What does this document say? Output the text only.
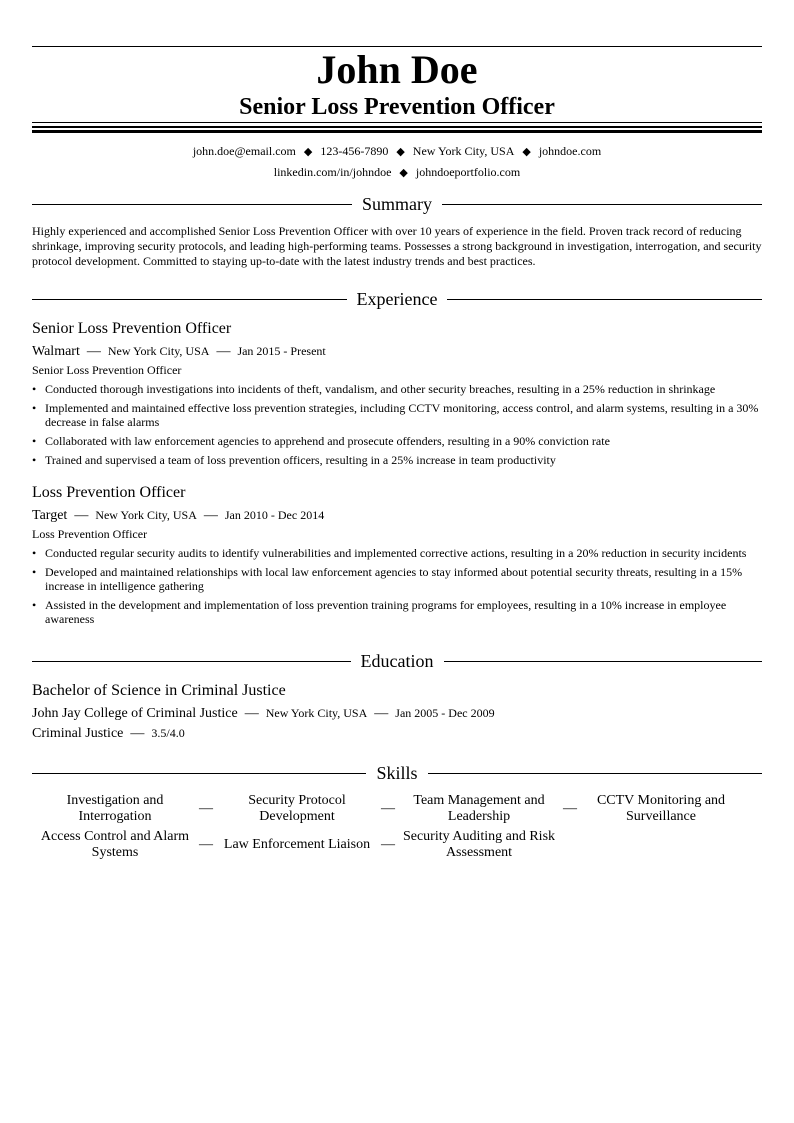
John Doe
Senior Loss Prevention Officer
john.doe@email.com ◆ 123-456-7890 ◆ New York City, USA ◆ johndoe.com
linkedin.com/in/johndoe ◆ johndoeportfolio.com
Summary
Highly experienced and accomplished Senior Loss Prevention Officer with over 10 years of experience in the field. Proven track record of reducing shrinkage, improving security protocols, and leading high-performing teams. Possesses a strong background in investigation, interrogation, and security protocol development. Committed to staying up-to-date with the latest industry trends and best practices.
Experience
Senior Loss Prevention Officer
Walmart — New York City, USA — Jan 2015 - Present
Senior Loss Prevention Officer
• Conducted thorough investigations into incidents of theft, vandalism, and other security breaches, resulting in a 25% reduction in shrinkage
• Implemented and maintained effective loss prevention strategies, including CCTV monitoring, access control, and alarm systems, resulting in a 30% decrease in false alarms
• Collaborated with law enforcement agencies to apprehend and prosecute offenders, resulting in a 90% conviction rate
• Trained and supervised a team of loss prevention officers, resulting in a 25% increase in team productivity
Loss Prevention Officer
Target — New York City, USA — Jan 2010 - Dec 2014
Loss Prevention Officer
• Conducted regular security audits to identify vulnerabilities and implemented corrective actions, resulting in a 20% reduction in security incidents
• Developed and maintained relationships with local law enforcement agencies to stay informed about potential security threats, resulting in a 15% increase in intelligence gathering
• Assisted in the development and implementation of loss prevention training programs for employees, resulting in a 10% increase in employee awareness
Education
Bachelor of Science in Criminal Justice
John Jay College of Criminal Justice — New York City, USA — Jan 2005 - Dec 2009
Criminal Justice — 3.5/4.0
Skills
Investigation and Interrogation
—
Security Protocol Development
—
Team Management and Leadership
—
CCTV Monitoring and Surveillance
Access Control and Alarm Systems
— Law Enforcement Liaison —
Security Auditing and Risk Assessment
